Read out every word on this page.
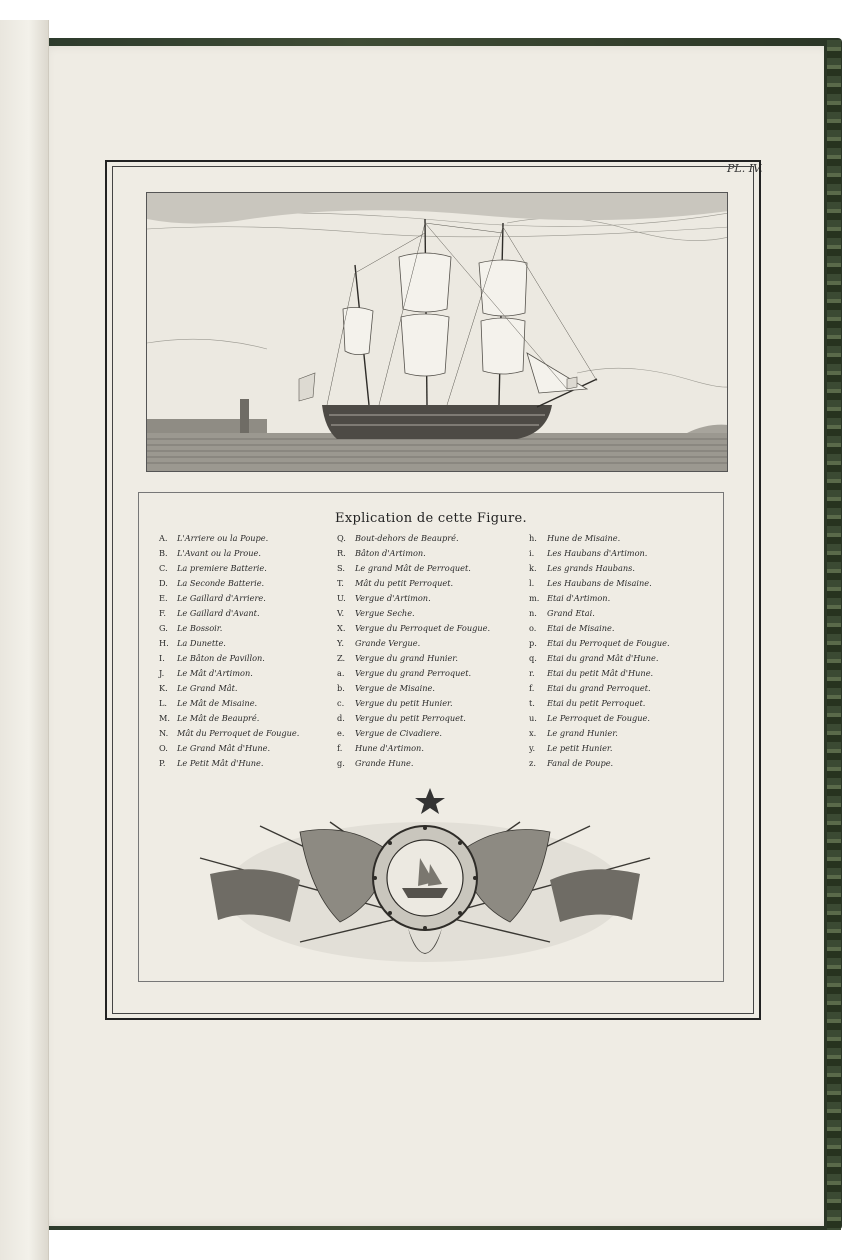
PL. IV.
Explication de cette Figure.
A. L'Arriere ou la Poupe.
B. L'Avant ou la Proue.
C. La premiere Batterie.
D. La Seconde Batterie.
E. Le Gaillard d'Arriere.
F. Le Gaillard d'Avant.
G. Le Bossoir.
H. La Dunette.
I. Le Bâton de Pavillon.
J. Le Mât d'Artimon.
K. Le Grand Mât.
L. Le Mât de Misaine.
M. Le Mât de Beaupré.
N. Mât du Perroquet de Fougue.
O. Le Grand Mât d'Hune.
P. Le Petit Mât d'Hune.
Q. Bout-dehors de Beaupré.
R. Bâton d'Artimon.
S. Le grand Mât de Perroquet.
T. Mât du petit Perroquet.
U. Vergue d'Artimon.
V. Vergue Seche.
X. Vergue du Perroquet de Fougue.
Y. Grande Vergue.
Z. Vergue du grand Hunier.
a. Vergue du grand Perroquet.
b. Vergue de Misaine.
c. Vergue du petit Hunier.
d. Vergue du petit Perroquet.
e. Vergue de Civadiere.
f. Hune d'Artimon.
g. Grande Hune.
h. Hune de Misaine.
i. Les Haubans d'Artimon.
k. Les grands Haubans.
l. Les Haubans de Misaine.
m. Etai d'Artimon.
n. Grand Etai.
o. Etai de Misaine.
p. Etai du Perroquet de Fougue.
q. Etai du grand Mât d'Hune.
r. Etai du petit Mât d'Hune.
f. Etai du grand Perroquet.
t. Etai du petit Perroquet.
u. Le Perroquet de Fougue.
x. Le grand Hunier.
y. Le petit Hunier.
z. Fanal de Poupe.
